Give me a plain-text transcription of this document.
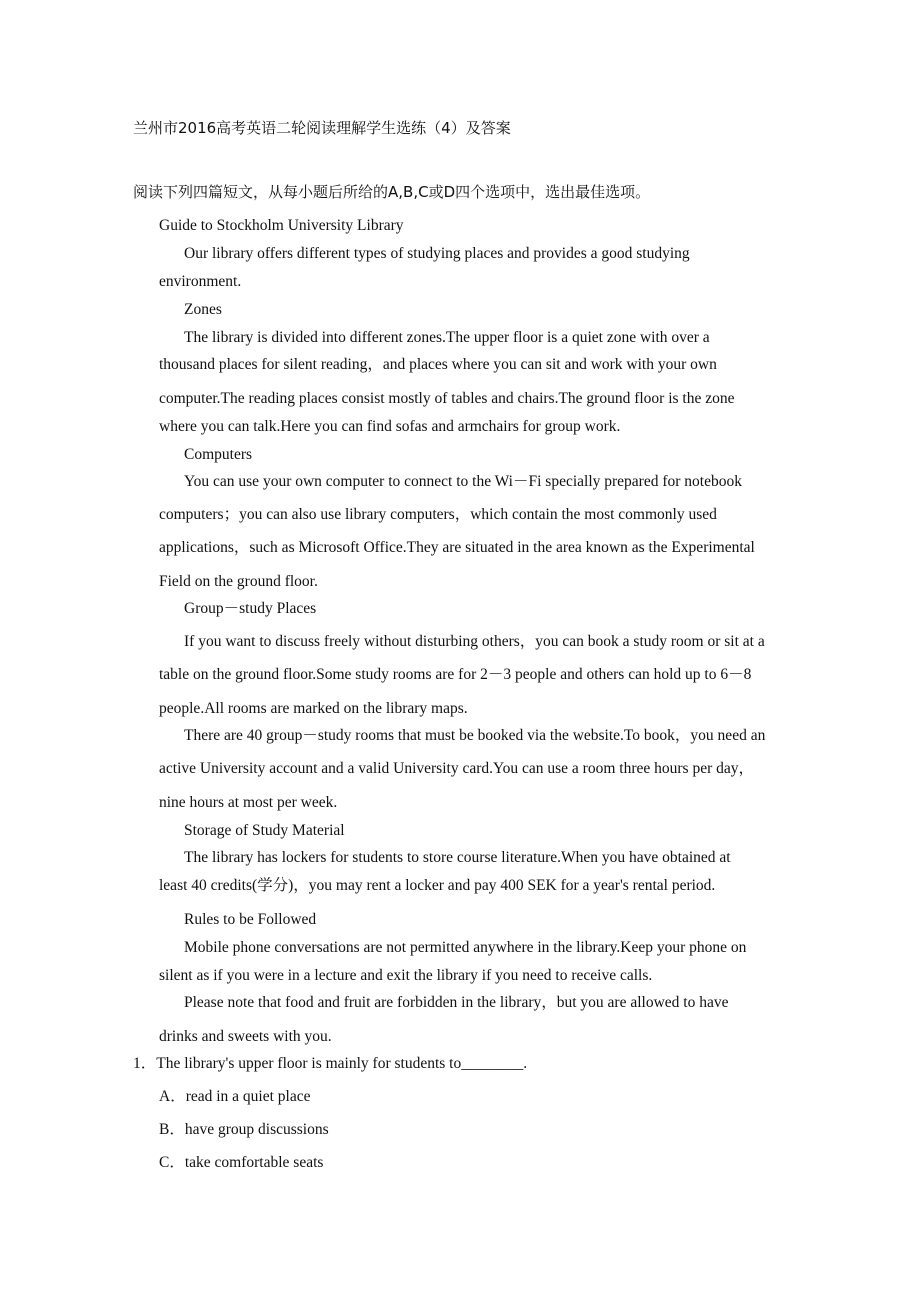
兰州市2016高考英语二轮阅读理解学生选练（4）及答案
阅读下列四篇短文，从每小题后所给的A,B,C或D四个选项中，选出最佳选项。
Guide to Stockholm University Library
Our library offers different types of studying places and provides a good studying
environment.
Zones
The library is divided into different zones.The upper floor is a quiet zone with over a
thousand places for silent reading，and places where you can sit and work with your own
computer.The reading places consist mostly of tables and chairs.The ground floor is the zone
where you can talk.Here you can find sofas and armchairs for group work.
Computers
You can use your own computer to connect to the Wi－Fi specially prepared for notebook
computers；you can also use library computers，which contain the most commonly used
applications，such as Microsoft Office.They are situated in the area known as the Experimental
Field on the ground floor.
Group－study Places
If you want to discuss freely without disturbing others，you can book a study room or sit at a
table on the ground floor.Some study rooms are for 2－3 people and others can hold up to 6－8
people.All rooms are marked on the library maps.
There are 40 group－study rooms that must be booked via the website.To book，you need an
active University account and a valid University card.You can use a room three hours per day，
nine hours at most per week.
Storage of Study Material
The library has lockers for students to store course literature.When you have obtained at
least 40 credits(学分)，you may rent a locker and pay 400 SEK for a year's rental period.
Rules to be Followed
Mobile phone conversations are not permitted anywhere in the library.Keep your phone on
silent as if you were in a lecture and exit the library if you need to receive calls.
Please note that food and fruit are forbidden in the library，but you are allowed to have
drinks and sweets with you.
1．The library's upper floor is mainly for students to________.
A．read in a quiet place
B．have group discussions
C．take comfortable seats
